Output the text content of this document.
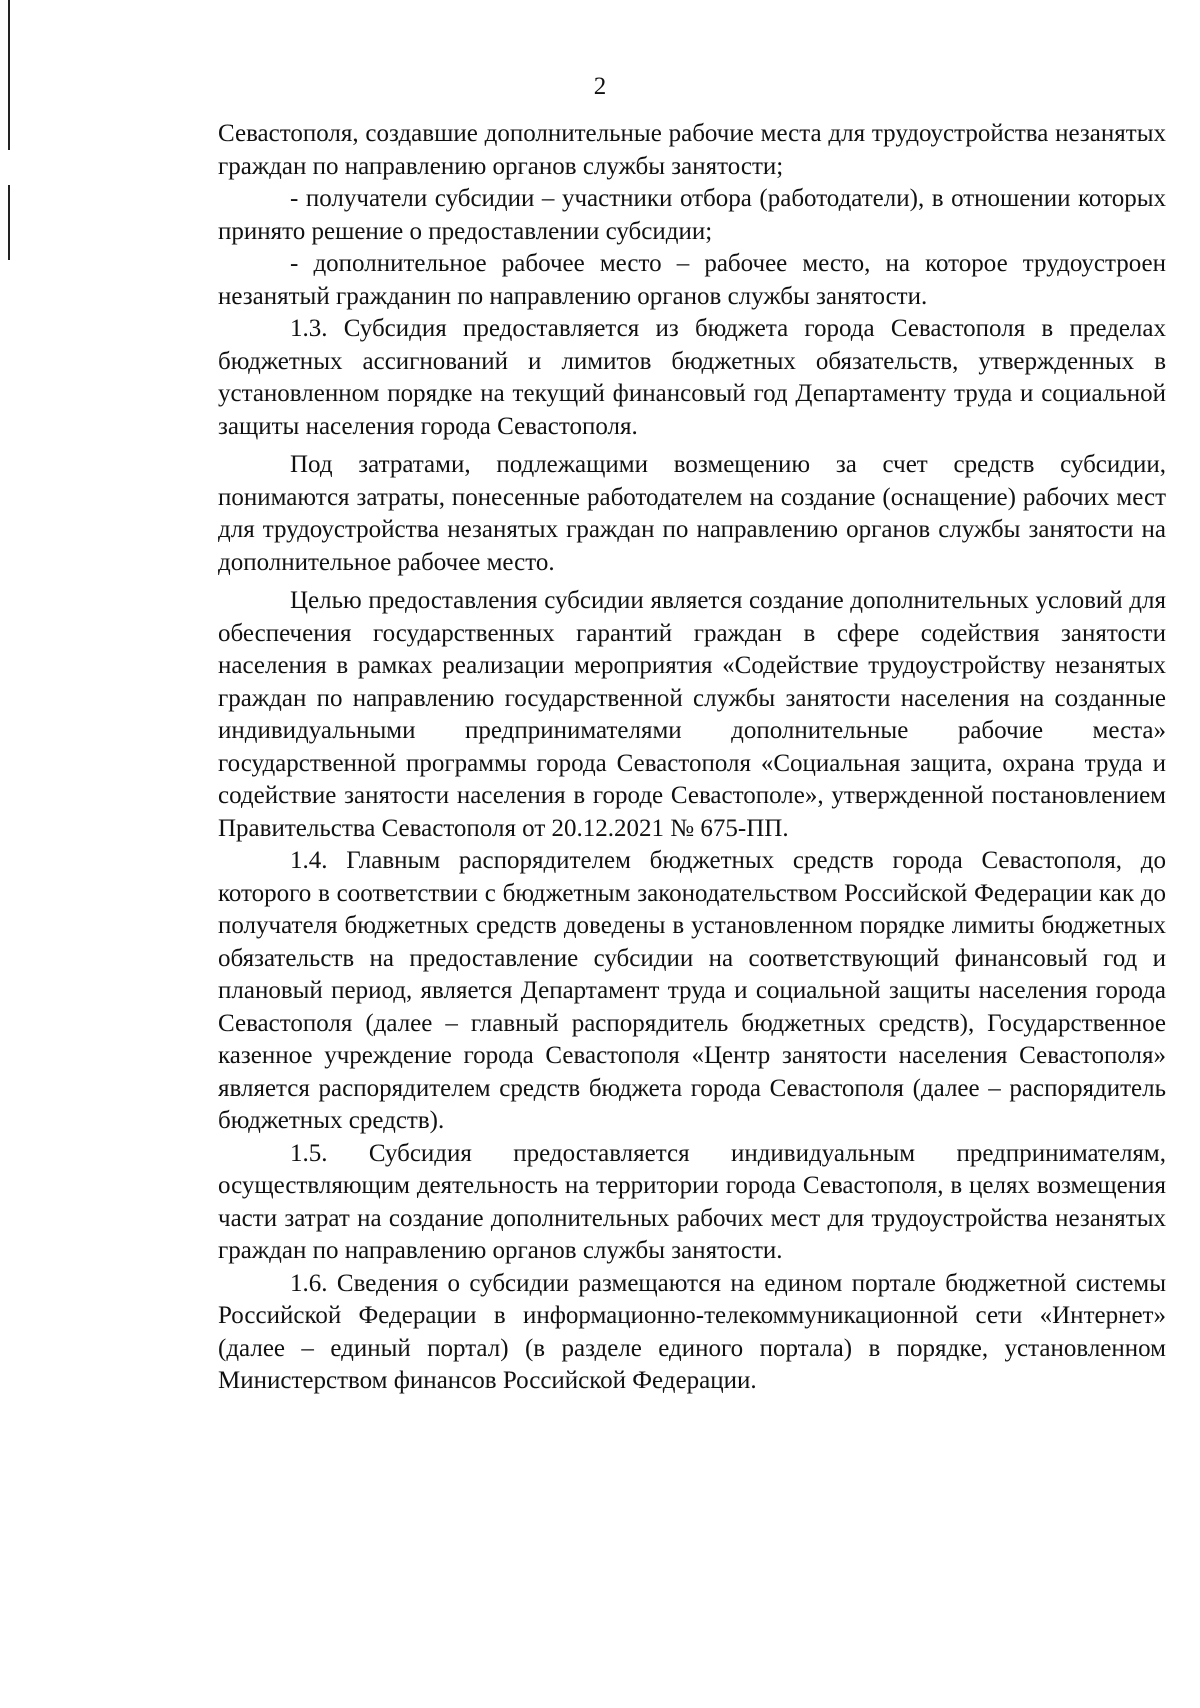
2

Севастополя, создавшие дополнительные рабочие места для трудоустройства незанятых граждан по направлению органов службы занятости;

- получатели субсидии – участники отбора (работодатели), в отношении которых принято решение о предоставлении субсидии;

- дополнительное рабочее место – рабочее место, на которое трудоустроен незанятый гражданин по направлению органов службы занятости.

1.3. Субсидия предоставляется из бюджета города Севастополя в пределах бюджетных ассигнований и лимитов бюджетных обязательств, утвержденных в установленном порядке на текущий финансовый год Департаменту труда и социальной защиты населения города Севастополя.

Под затратами, подлежащими возмещению за счет средств субсидии, понимаются затраты, понесенные работодателем на создание (оснащение) рабочих мест для трудоустройства незанятых граждан по направлению органов службы занятости на дополнительное рабочее место.

Целью предоставления субсидии является создание дополнительных условий для обеспечения государственных гарантий граждан в сфере содействия занятости населения в рамках реализации мероприятия «Содействие трудоустройству незанятых граждан по направлению государственной службы занятости населения на созданные индивидуальными предпринимателями дополнительные рабочие места» государственной программы города Севастополя «Социальная защита, охрана труда и содействие занятости населения в городе Севастополе», утвержденной постановлением Правительства Севастополя от 20.12.2021 № 675-ПП.

1.4. Главным распорядителем бюджетных средств города Севастополя, до которого в соответствии с бюджетным законодательством Российской Федерации как до получателя бюджетных средств доведены в установленном порядке лимиты бюджетных обязательств на предоставление субсидии на соответствующий финансовый год и плановый период, является Департамент труда и социальной защиты населения города Севастополя (далее – главный распорядитель бюджетных средств), Государственное казенное учреждение города Севастополя «Центр занятости населения Севастополя» является распорядителем средств бюджета города Севастополя (далее – распорядитель бюджетных средств).

1.5. Субсидия предоставляется индивидуальным предпринимателям, осуществляющим деятельность на территории города Севастополя, в целях возмещения части затрат на создание дополнительных рабочих мест для трудоустройства незанятых граждан по направлению органов службы занятости.

1.6. Сведения о субсидии размещаются на едином портале бюджетной системы Российской Федерации в информационно-телекоммуникационной сети «Интернет» (далее – единый портал) (в разделе единого портала) в порядке, установленном Министерством финансов Российской Федерации.
